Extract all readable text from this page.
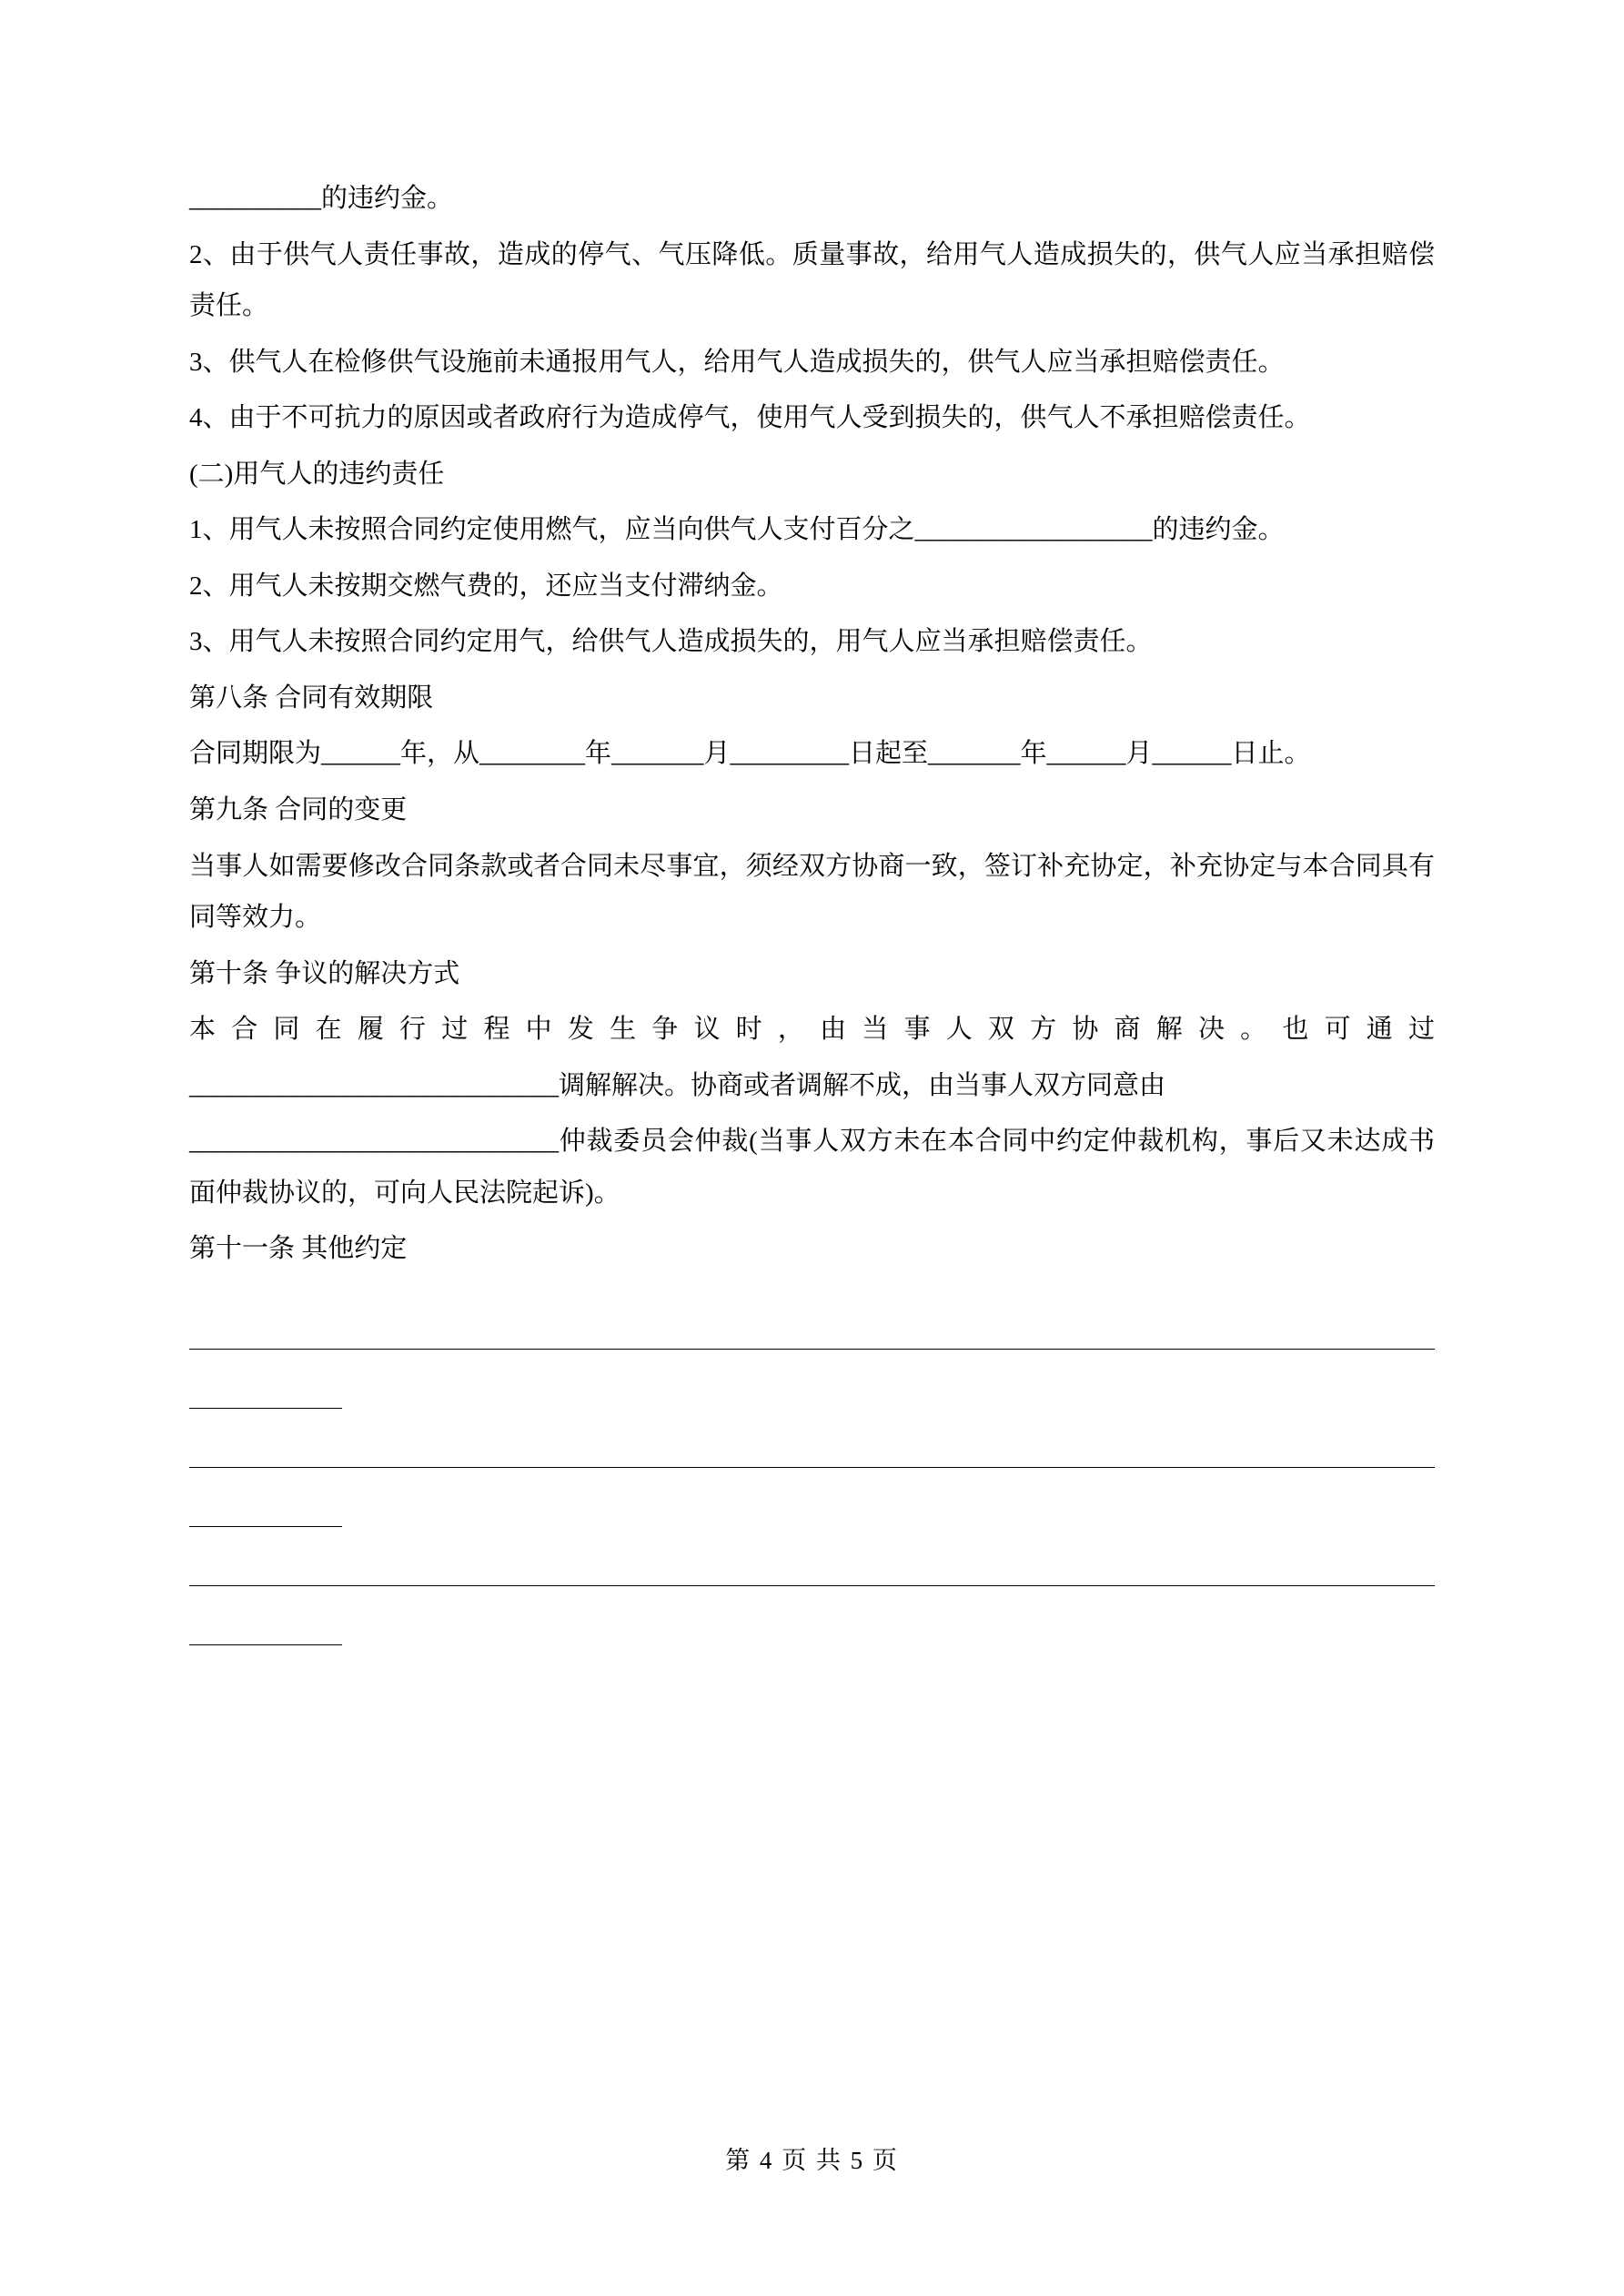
__________的违约金。

2、由于供气人责任事故，造成的停气、气压降低。质量事故，给用气人造成损失的，供气人应当承担赔偿责任。

3、供气人在检修供气设施前未通报用气人，给用气人造成损失的，供气人应当承担赔偿责任。

4、由于不可抗力的原因或者政府行为造成停气，使用气人受到损失的，供气人不承担赔偿责任。

(二)用气人的违约责任

1、用气人未按照合同约定使用燃气，应当向供气人支付百分之__________________的违约金。

2、用气人未按期交燃气费的，还应当支付滞纳金。

3、用气人未按照合同约定用气，给供气人造成损失的，用气人应当承担赔偿责任。

第八条 合同有效期限

合同期限为______年，从________年_______月_________日起至_______年______月______日止。

第九条 合同的变更

当事人如需要修改合同条款或者合同未尽事宜，须经双方协商一致，签订补充协定，补充协定与本合同具有同等效力。

第十条 争议的解决方式

本合同在履行过程中发生争议时，由当事人双方协商解决。也可通过

____________________________调解解决。协商或者调解不成，由当事人双方同意由

____________________________仲裁委员会仲裁(当事人双方未在本合同中约定仲裁机构，事后又未达成书面仲裁协议的，可向人民法院起诉)。

第十一条 其他约定

第 4 页 共 5 页
